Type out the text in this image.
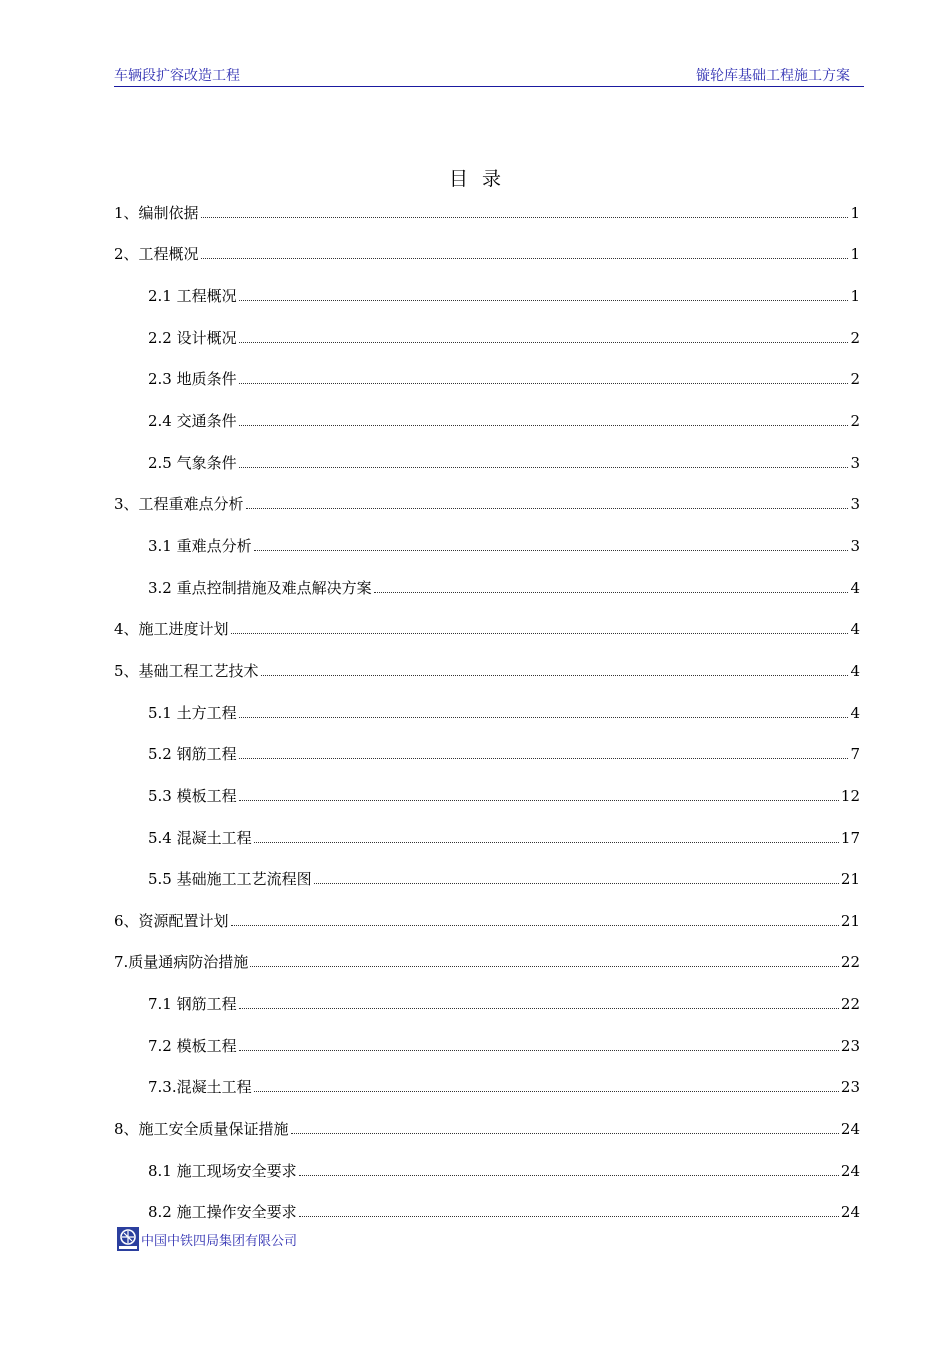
车辆段扩容改造工程	镟轮库基础工程施工方案
目录
1、编制依据	1
2、工程概况	1
2.1 工程概况	1
2.2 设计概况	2
2.3 地质条件	2
2.4 交通条件	2
2.5 气象条件	3
3、工程重难点分析	3
3.1 重难点分析	3
3.2 重点控制措施及难点解决方案	4
4、施工进度计划	4
5、基础工程工艺技术	4
5.1 土方工程	4
5.2 钢筋工程	7
5.3 模板工程	12
5.4 混凝土工程	17
5.5 基础施工工艺流程图	21
6、资源配置计划	21
7.质量通病防治措施	22
7.1 钢筋工程	22
7.2 模板工程	23
7.3.混凝土工程	23
8、施工安全质量保证措施	24
8.1 施工现场安全要求	24
8.2 施工操作安全要求	24
中国中铁四局集团有限公司
